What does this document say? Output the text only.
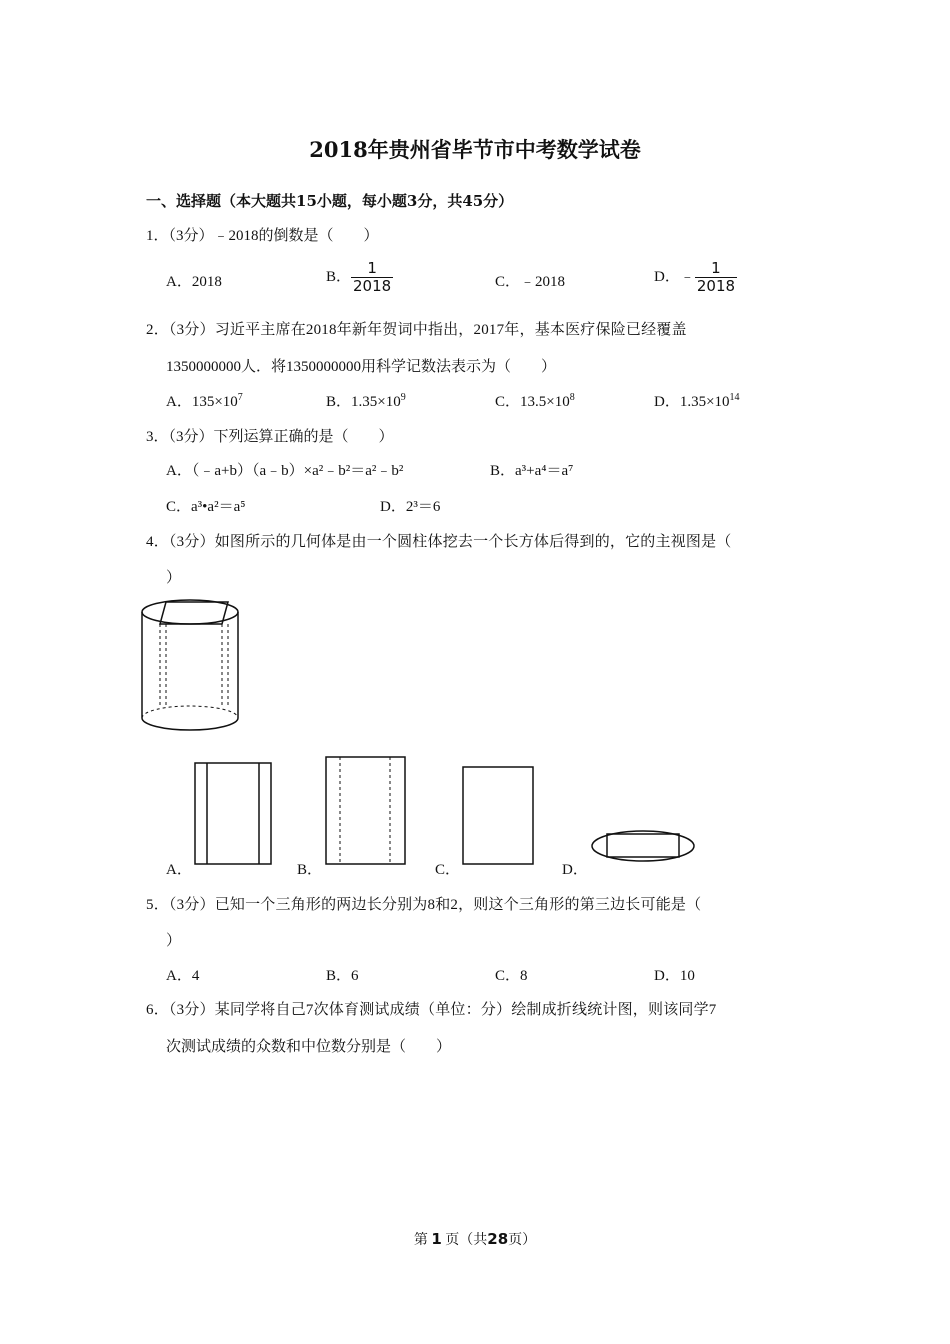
2018年贵州省毕节市中考数学试卷
一、选择题（本大题共15小题，每小题3分，共45分）
1．（3分）﹣2018的倒数是（　　）
A．2018	B． $\frac{1}{2018}$	C．﹣2018	D．﹣ $\frac{1}{2018}$
2．（3分）习近平主席在2018年新年贺词中指出，2017年，基本医疗保险已经覆盖
1350000000人．将1350000000用科学记数法表示为（　　）
A．$135\times 10^7$	B．$1.35\times 10^9$	C．$13.5\times 10^8$	D．$1.35\times 10^{14}$
3．（3分）下列运算正确的是（　　）
A．（﹣a+b）（a﹣b）×a²﹣b²＝a²﹣b²	B．a³+a⁴＝a⁷
C．a³•a²＝a⁵	D．2³＝6
4．（3分）如图所示的几何体是由一个圆柱体挖去一个长方体后得到的，它的主视图是（
）
A．	B．	C．	D．
5．（3分）已知一个三角形的两边长分别为8和2，则这个三角形的第三边长可能是（
）
A．4	B．6	C．8	D．10
6．（3分）某同学将自己7次体育测试成绩（单位：分）绘制成折线统计图，则该同学7
次测试成绩的众数和中位数分别是（　　）
第 1 页（共28页）
